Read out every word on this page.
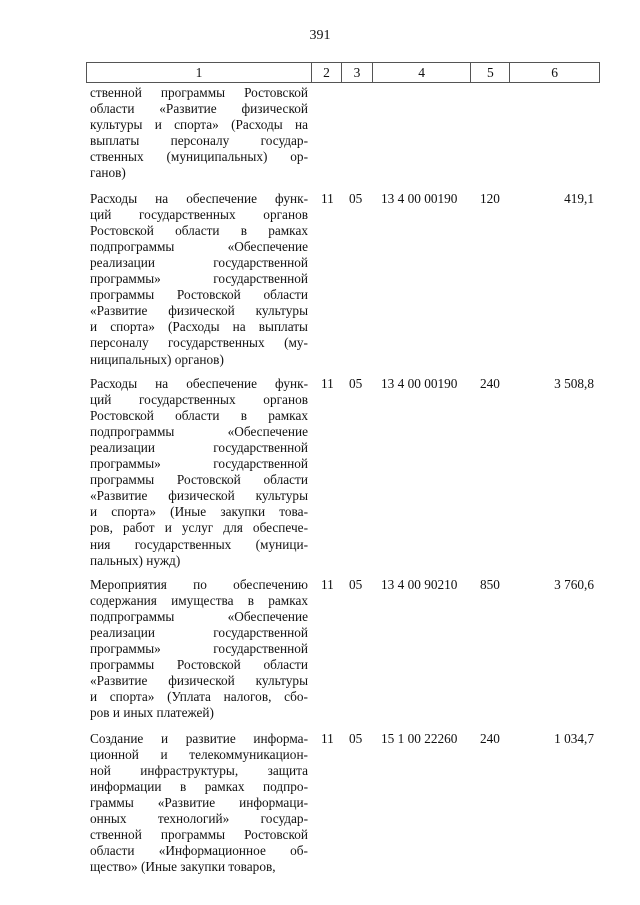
391
1	2	3	4	5	6
ственной программы Ростовской
области «Развитие физической
культуры и спорта» (Расходы на
выплаты персоналу государ-
ственных (муниципальных) ор-
ганов)
Расходы на обеспечение функ-
ций государственных органов
Ростовской области в рамках
подпрограммы «Обеспечение
реализации государственной
программы» государственной
программы Ростовской области
«Развитие физической культуры
и спорта» (Расходы на выплаты
персоналу государственных (му-
ниципальных) органов)
11	05	13 4 00 00190	120	419,1
Расходы на обеспечение функ-
ций государственных органов
Ростовской области в рамках
подпрограммы «Обеспечение
реализации государственной
программы» государственной
программы Ростовской области
«Развитие физической культуры
и спорта» (Иные закупки това-
ров, работ и услуг для обеспече-
ния государственных (муници-
пальных) нужд)
11	05	13 4 00 00190	240	3 508,8
Мероприятия по обеспечению
содержания имущества в рамках
подпрограммы «Обеспечение
реализации государственной
программы» государственной
программы Ростовской области
«Развитие физической культуры
и спорта» (Уплата налогов, сбо-
ров и иных платежей)
11	05	13 4 00 90210	850	3 760,6
Создание и развитие информа-
ционной и телекоммуникацион-
ной инфраструктуры, защита
информации в рамках подпро-
граммы «Развитие информаци-
онных технологий» государ-
ственной программы Ростовской
области «Информационное об-
щество» (Иные закупки товаров,
11	05	15 1 00 22260	240	1 034,7
